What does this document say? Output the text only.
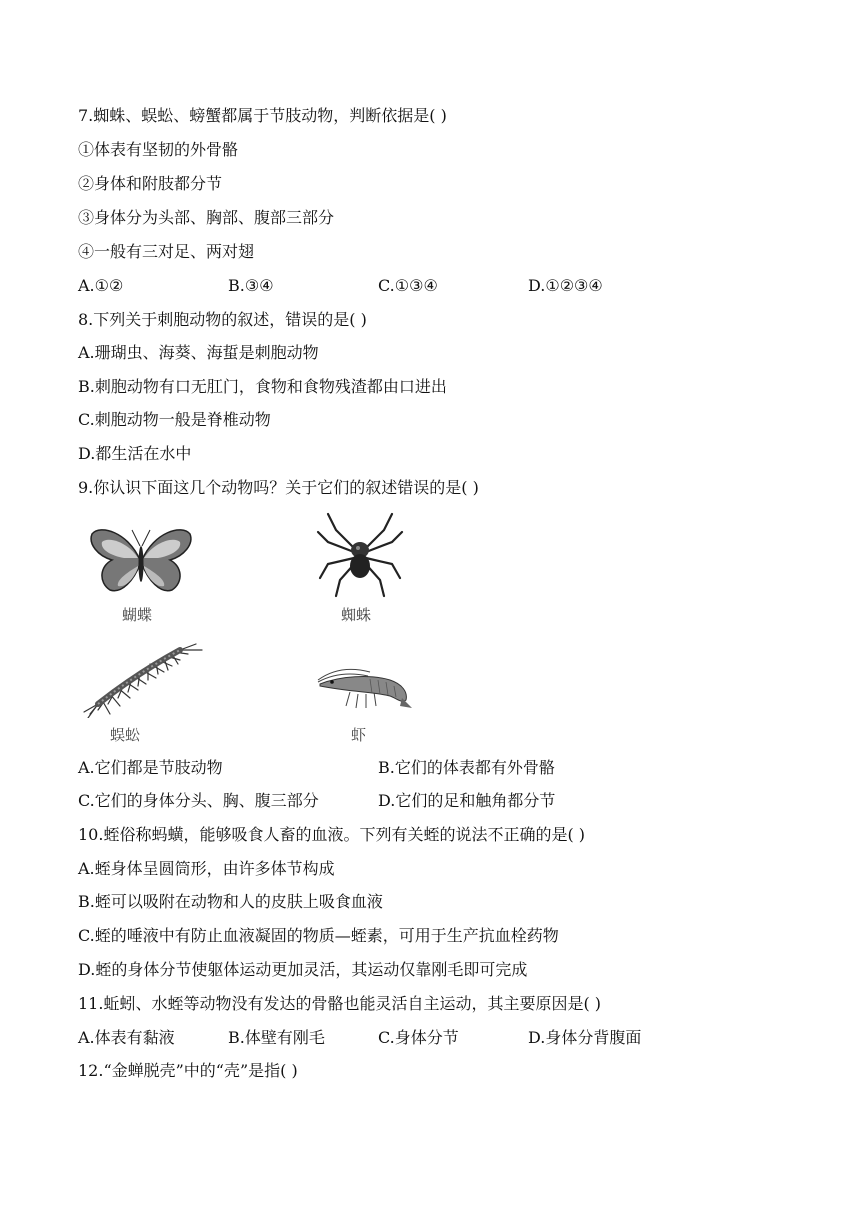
7.蜘蛛、蜈蚣、螃蟹都属于节肢动物，判断依据是( )
①体表有坚韧的外骨骼
②身体和附肢都分节
③身体分为头部、胸部、腹部三部分
④一般有三对足、两对翅
A.①②	B.③④	C.①③④	D.①②③④
8.下列关于刺胞动物的叙述，错误的是( )
A.珊瑚虫、海葵、海蜇是刺胞动物
B.刺胞动物有口无肛门，食物和食物残渣都由口进出
C.刺胞动物一般是脊椎动物
D.都生活在水中
9.你认识下面这几个动物吗？关于它们的叙述错误的是( )
蝴蝶	蜘蛛
蜈蚣	虾
A.它们都是节肢动物	B.它们的体表都有外骨骼
C.它们的身体分头、胸、腹三部分	D.它们的足和触角都分节
10.蛭俗称蚂蟥，能够吸食人畜的血液。下列有关蛭的说法不正确的是( )
A.蛭身体呈圆筒形，由许多体节构成
B.蛭可以吸附在动物和人的皮肤上吸食血液
C.蛭的唾液中有防止血液凝固的物质—蛭素，可用于生产抗血栓药物
D.蛭的身体分节使躯体运动更加灵活，其运动仅靠刚毛即可完成
11.蚯蚓、水蛭等动物没有发达的骨骼也能灵活自主运动，其主要原因是( )
A.体表有黏液	B.体壁有刚毛	C.身体分节	D.身体分背腹面
12.“金蝉脱壳”中的“壳”是指( )
